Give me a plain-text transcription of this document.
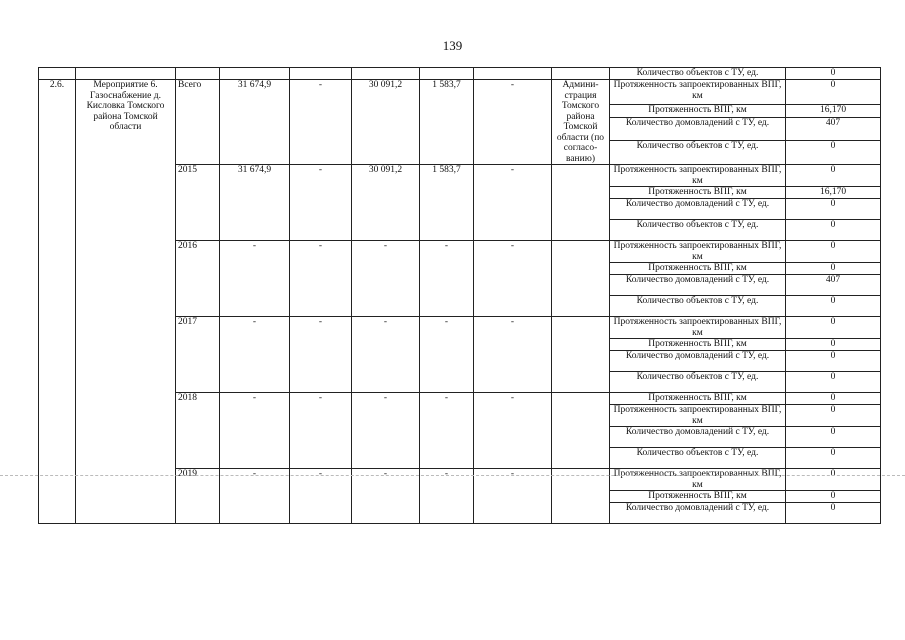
139
									Количество объектов с ТУ, ед.	0
2.6.	Мероприятие 6. Газоснабжение д. Кисловка Томского района Томской области	Всего	31 674,9	-	30 091,2	1 583,7	-	Админи-страция Томского района Томской области (по согласо-ванию)	Протяженность запроектированных ВПГ, км	0
									Протяженность ВПГ, км	16,170
									Количество домовладений с ТУ, ед.	407
									Количество объектов с ТУ, ед.	0
		2015	31 674,9	-	30 091,2	1 583,7	-		Протяженность запроектированных ВПГ, км	0
									Протяженность ВПГ, км	16,170
									Количество домовладений с ТУ, ед.	0
									Количество объектов с ТУ, ед.	0
		2016	-	-	-	-	-		Протяженность запроектированных ВПГ, км	0
									Протяженность ВПГ, км	0
									Количество домовладений с ТУ, ед.	407
									Количество объектов с ТУ, ед.	0
		2017	-	-	-	-	-		Протяженность запроектированных ВПГ, км	0
									Протяженность ВПГ, км	0
									Количество домовладений с ТУ, ед.	0
									Количество объектов с ТУ, ед.	0
		2018	-	-	-	-	-		Протяженность ВПГ, км	0
									Протяженность запроектированных ВПГ, км	0
									Количество домовладений с ТУ, ед.	0
									Количество объектов с ТУ, ед.	0
		2019	-	-	-	-	-		Протяженность запроектированных ВПГ, км	0
									Протяженность ВПГ, км	0
									Количество домовладений с ТУ, ед.	0
